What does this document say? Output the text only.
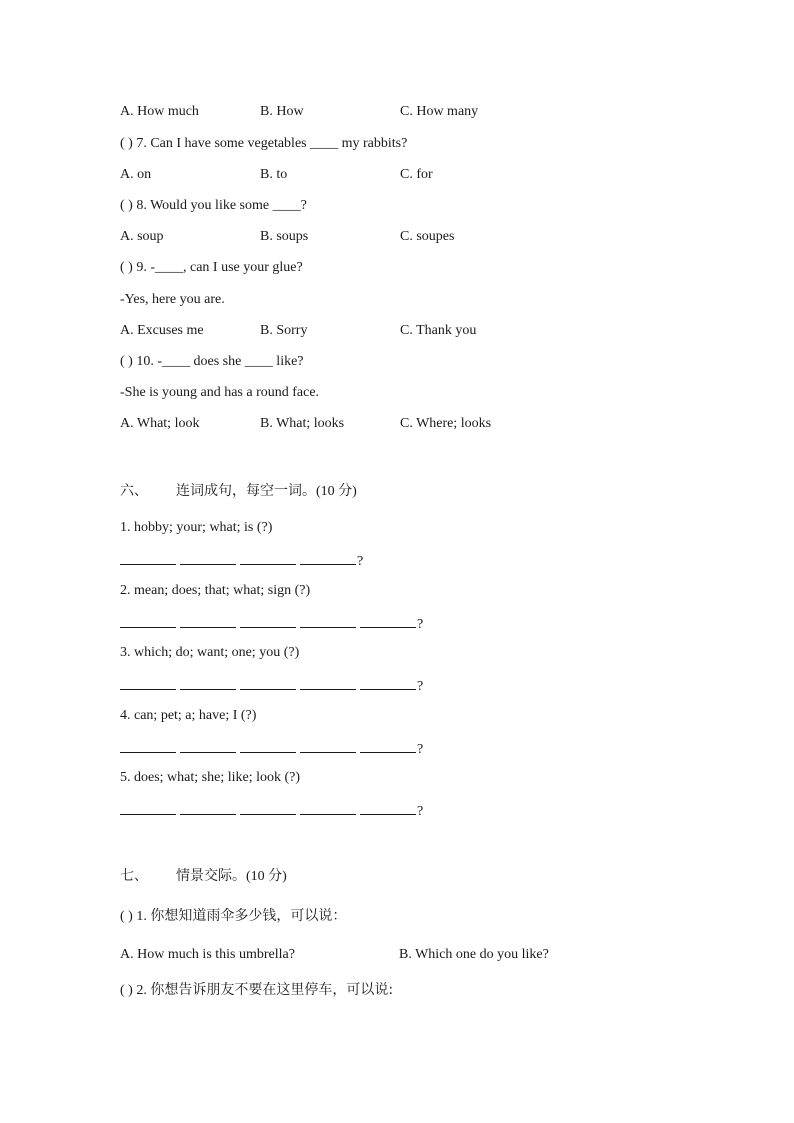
A. How much	B. How	C. How many
( ) 7. Can I have some vegetables ____ my rabbits?
A. on	B. to	C. for
( ) 8. Would you like some ____?
A. soup	B. soups	C. soupes
( ) 9. -____, can I use your glue?
-Yes, here you are.
A. Excuses me	B. Sorry	C. Thank you
( ) 10. -____ does she ____ like?
-She is young and has a round face.
A. What; look	B. What; looks	C. Where; looks
六、 连词成句，每空一词。(10 分)
1. hobby; your; what; is (?)
?
2. mean; does; that; what; sign (?)
?
3. which; do; want; one; you (?)
?
4. can; pet; a; have; I (?)
?
5. does; what; she; like; look (?)
?
七、 情景交际。(10 分)
( ) 1. 你想知道雨伞多少钱，可以说：
A. How much is this umbrella?	B. Which one do you like?
( ) 2. 你想告诉朋友不要在这里停车，可以说:
